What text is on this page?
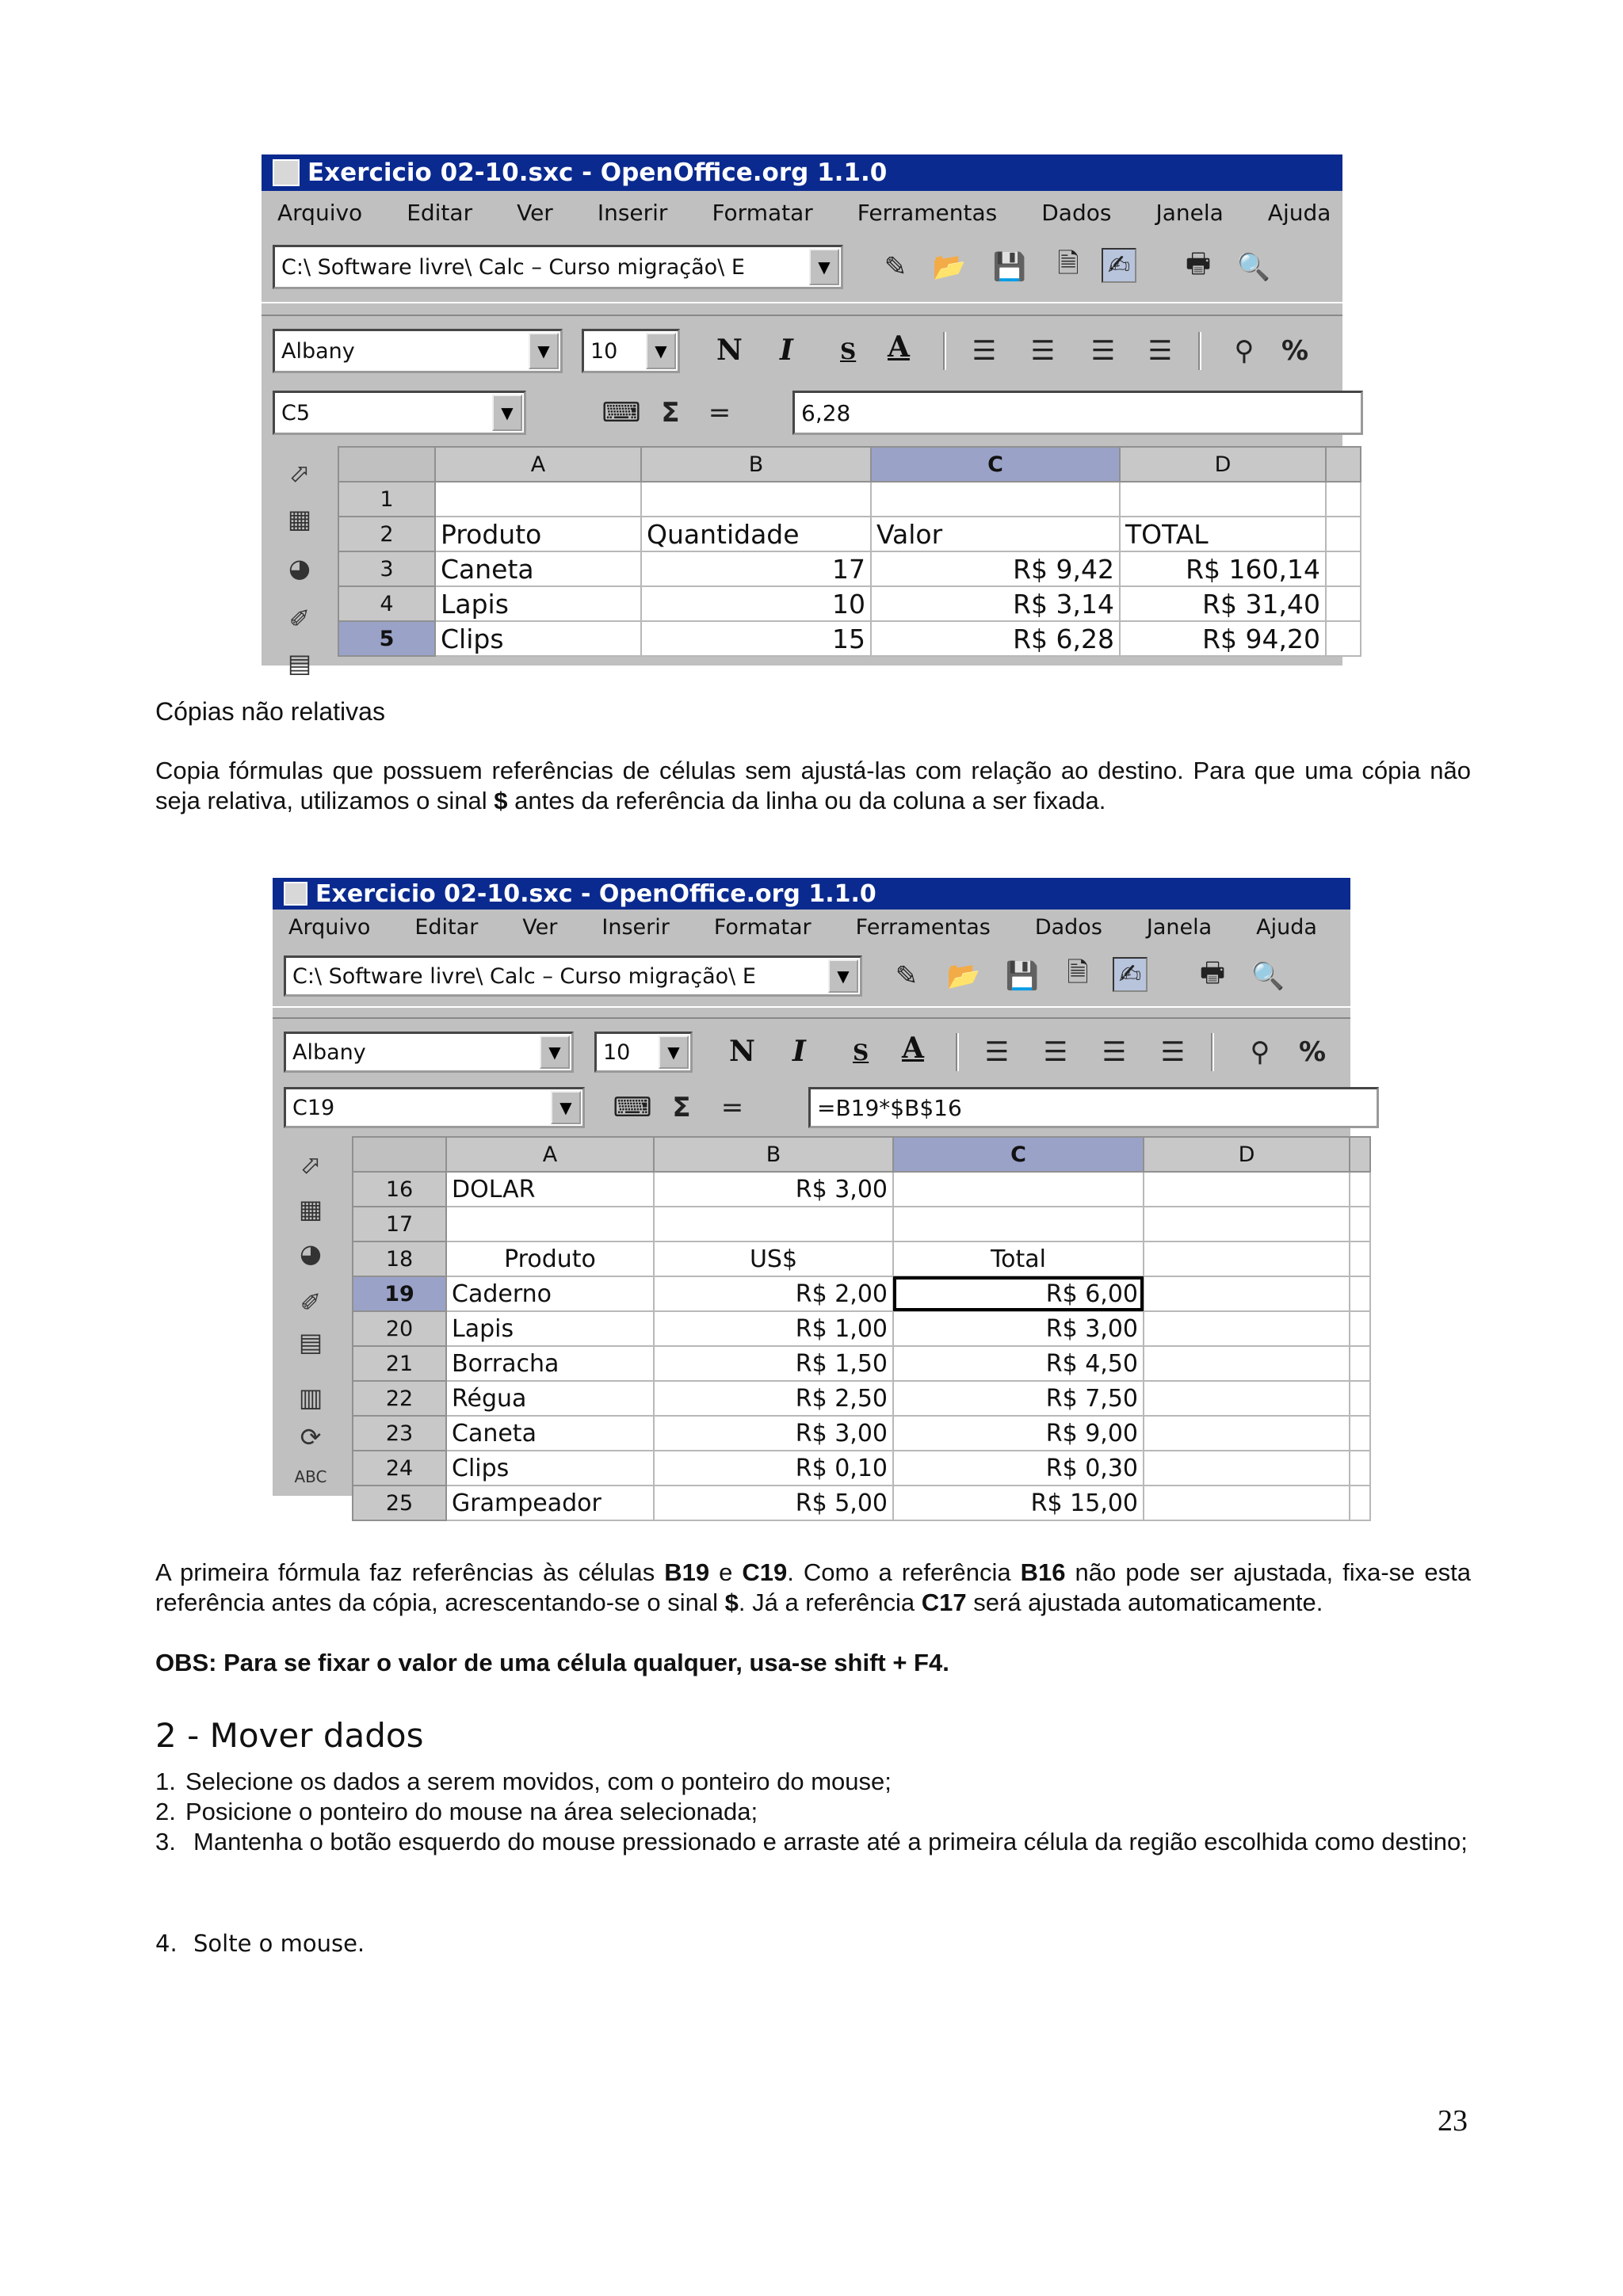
Exercicio 02-10.sxc - OpenOffice.org 1.1.0
Arquivo Editar Ver Inserir Formatar Ferramentas Dados Janela Ajuda
C:\ Software livre\ Calc – Curso migração\ E	▼	✎ 📂 💾 🗎 ✍ 🖶 🔍
Albany	▼	10	▼	N I S A ☰ ☰ ☰ ☰ ⚲ %
C5	▼	⌨ Σ	=	6,28
⬀
▦
◕
✐
▤
	A	B	C	D	
1					
2	Produto	Quantidade	Valor	TOTAL	
3	Caneta	17	R$ 9,42	R$ 160,14	
4	Lapis	10	R$ 3,14	R$ 31,40	
5	Clips	15	R$ 6,28	R$ 94,20	
Cópias não relativas
Copia fórmulas que possuem referências de células sem ajustá-las com relação ao destino. Para que uma cópia não seja relativa, utilizamos o sinal $ antes da referência da linha ou da coluna a ser fixada.
Exercicio 02-10.sxc - OpenOffice.org 1.1.0
Arquivo Editar Ver Inserir Formatar Ferramentas Dados Janela Ajuda
C:\ Software livre\ Calc – Curso migração\ E	▼	✎ 📂 💾 🗎 ✍ 🖶 🔍
Albany	▼	10	▼	N I S A ☰ ☰ ☰ ☰ ⚲ %
C19	▼	⌨ Σ	=	=B19*$B$16
⬀
▦
◕
✐
▤
▥
⟳
ABC
	A	B	C	D	
16	DOLAR	R$ 3,00			
17					
18	Produto	US$	Total		
19	Caderno	R$ 2,00	R$ 6,00		
20	Lapis	R$ 1,00	R$ 3,00		
21	Borracha	R$ 1,50	R$ 4,50		
22	Régua	R$ 2,50	R$ 7,50		
23	Caneta	R$ 3,00	R$ 9,00		
24	Clips	R$ 0,10	R$ 0,30		
25	Grampeador	R$ 5,00	R$ 15,00		
A primeira fórmula faz referências às células B19 e C19. Como a referência B16 não pode ser ajustada, fixa-se esta referência antes da cópia, acrescentando-se o sinal $. Já a referência C17 será ajustada automaticamente.
OBS: Para se fixar o valor de uma célula qualquer, usa-se shift + F4.
2 - Mover dados
1. Selecione os dados a serem movidos, com o ponteiro do mouse;
2. Posicione o ponteiro do mouse na área selecionada;
3. Mantenha o botão esquerdo do mouse pressionado e arraste até a primeira célula da região escolhida como destino;
4. Solte o mouse.
23
